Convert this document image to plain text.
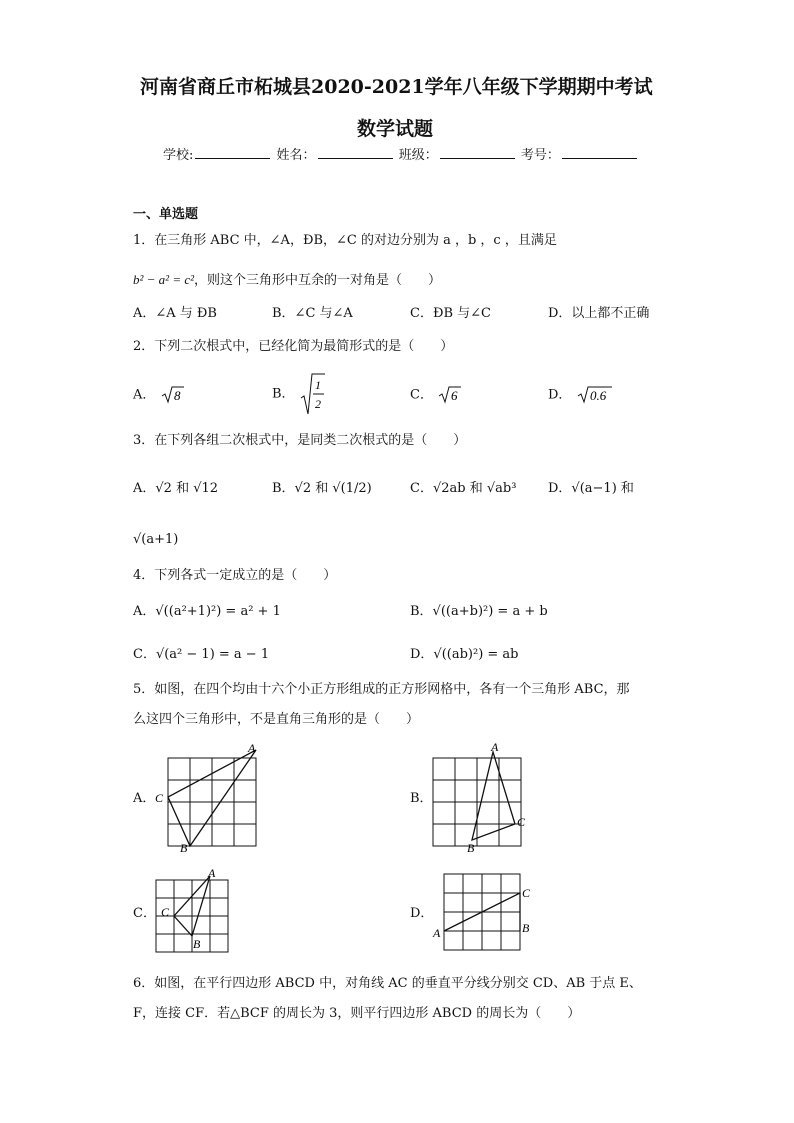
河南省商丘市柘城县2020-2021学年八年级下学期期中考试
数学试题
学校:	姓名：	班级：	考号：
一、单选题
1．在三角形 ABC 中，∠A，ÐB，∠C 的对边分别为 a ，b ，c ，且满足
b² − a² = c²，则这个三角形中互余的一对角是（　　）
A．∠A 与 ÐB	B．∠C 与∠A	C．ÐB 与∠C	D．以上都不正确
2．下列二次根式中，已经化简为最简形式的是（　　）
A． 8	B．
1
2
C． 6	D． 0.6
3．在下列各组二次根式中，是同类二次根式的是（　　）
A．√2 和 √12	B．√2 和 √(1/2)	C．√2ab 和 √ab³ D．√(a−1) 和
√(a+1)
4．下列各式一定成立的是（　　）
A．√((a²+1)²) = a² + 1	B．√((a+b)²) = a + b
C．√(a² − 1) = a − 1	D．√((ab)²) = ab
5．如图，在四个均由十六个小正方形组成的正方形网格中，各有一个三角形 ABC，那
么这四个三角形中，不是直角三角形的是（　　）
A．
A
C
B
B．
A
C
B
C．
A
C
B
D．
C
B
A
6．如图，在平行四边形 ABCD 中，对角线 AC 的垂直平分线分别交 CD、AB 于点 E、
F，连接 CF．若△BCF 的周长为 3，则平行四边形 ABCD 的周长为（　　）
